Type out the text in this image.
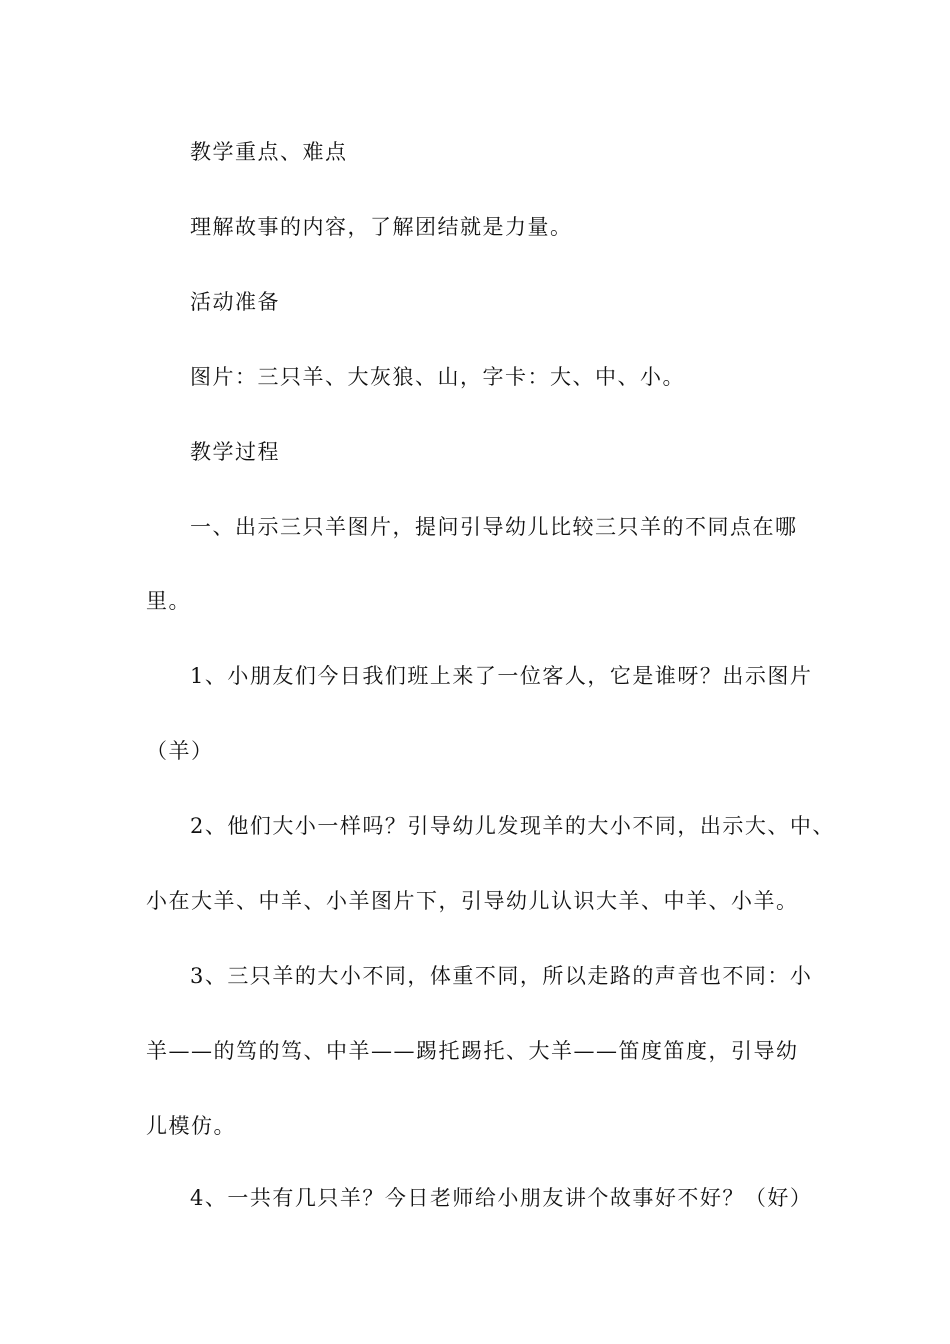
教学重点、难点
理解故事的内容，了解团结就是力量。
活动准备
图片：三只羊、大灰狼、山，字卡：大、中、小。
教学过程
一、出示三只羊图片，提问引导幼儿比较三只羊的不同点在哪
里。
1、小朋友们今日我们班上来了一位客人，它是谁呀？出示图片
（羊）
2、他们大小一样吗？引导幼儿发现羊的大小不同，出示大、中、
小在大羊、中羊、小羊图片下，引导幼儿认识大羊、中羊、小羊。
3、三只羊的大小不同，体重不同，所以走路的声音也不同：小
羊——的笃的笃、中羊——踢托踢托、大羊——笛度笛度，引导幼
儿模仿。
4、一共有几只羊？今日老师给小朋友讲个故事好不好？（好）
